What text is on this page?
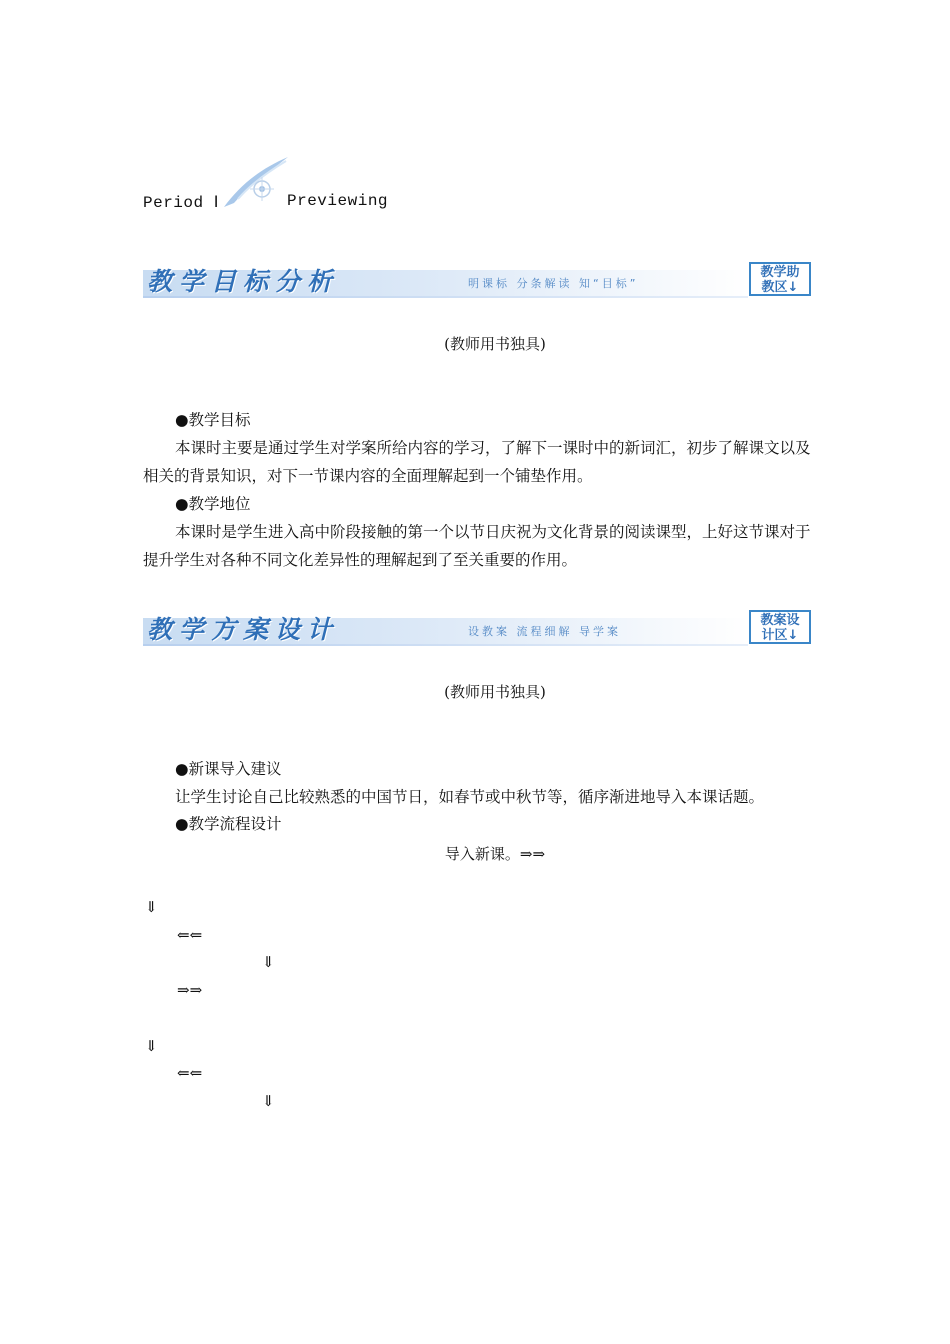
Period Ⅰ	Previewing
教学目标分析	明课标 分条解读 知“目标”
教学助
教区↓
(教师用书独具)
●教学目标
本课时主要是通过学生对学案所给内容的学习，了解下一课时中的新词汇，初步了解课文以及相关的背景知识，对下一节课内容的全面理解起到一个铺垫作用。
●教学地位
本课时是学生进入高中阶段接触的第一个以节日庆祝为文化背景的阅读课型，上好这节课对于提升学生对各种不同文化差异性的理解起到了至关重要的作用。
教学方案设计	设教案 流程细解 导学案
教案设
计区↓
(教师用书独具)
●新课导入建议
让学生讨论自己比较熟悉的中国节日，如春节或中秋节等，循序渐进地导入本课话题。
●教学流程设计
导入新课。⇒⇒
⇓
⇐⇐
⇓
⇒⇒
⇓
⇐⇐
⇓
